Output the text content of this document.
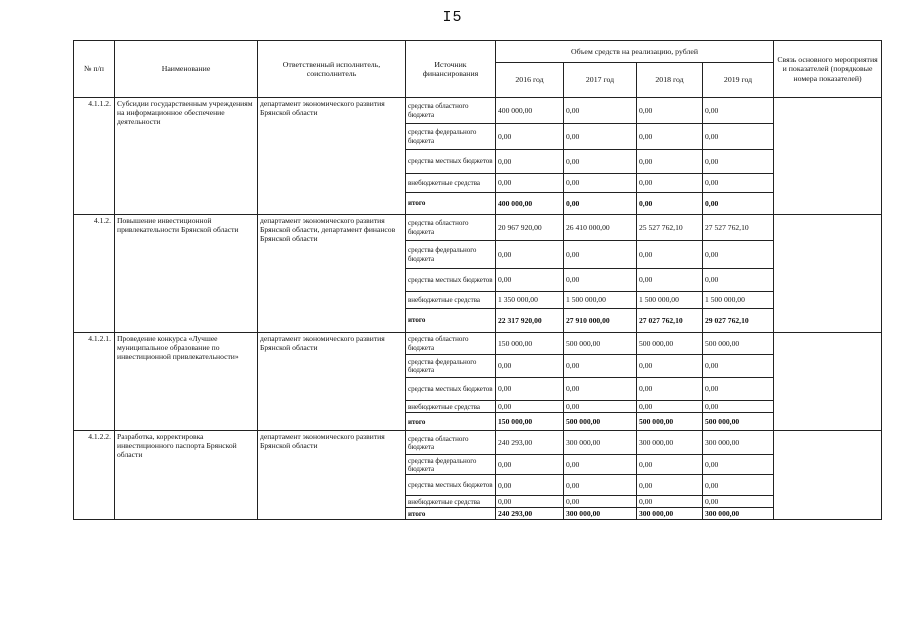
I5
№ п/п	Наименование	Ответственный исполнитель, соисполнитель	Источник финансирования	Объем средств на реализацию, рублей				Связь основного мероприятия и показателей (порядковые номера показателей)
				2016 год	2017 год	2018 год	2019 год	
4.1.1.2.	Субсидии государственным учреждениям на информационное обеспечение деятельности	департамент экономического развития Брянской области	средства областного бюджета	400 000,00	0,00	0,00	0,00	
			средства федерального бюджета	0,00	0,00	0,00	0,00	
			средства местных бюджетов	0,00	0,00	0,00	0,00	
			внебюджетные средства	0,00	0,00	0,00	0,00	
			итого	400 000,00	0,00	0,00	0,00	
4.1.2.	Повышение инвестиционной привлекательности Брянской области	департамент экономического развития Брянской области, департамент финансов Брянской области	средства областного бюджета	20 967 920,00	26 410 000,00	25 527 762,10	27 527 762,10	
			средства федерального бюджета	0,00	0,00	0,00	0,00	
			средства местных бюджетов	0,00	0,00	0,00	0,00	
			внебюджетные средства	1 350 000,00	1 500 000,00	1 500 000,00	1 500 000,00	
			итого	22 317 920,00	27 910 000,00	27 027 762,10	29 027 762,10	
4.1.2.1.	Проведение конкурса «Лучшее муниципальное образование по инвестиционной привлекательности»	департамент экономического развития Брянской области	средства областного бюджета	150 000,00	500 000,00	500 000,00	500 000,00	
			средства федерального бюджета	0,00	0,00	0,00	0,00	
			средства местных бюджетов	0,00	0,00	0,00	0,00	
			внебюджетные средства	0,00	0,00	0,00	0,00	
			итого	150 000,00	500 000,00	500 000,00	500 000,00	
4.1.2.2.	Разработка, корректировка инвестиционного паспорта Брянской области	департамент экономического развития Брянской области	средства областного бюджета	240 293,00	300 000,00	300 000,00	300 000,00	
			средства федерального бюджета	0,00	0,00	0,00	0,00	
			средства местных бюджетов	0,00	0,00	0,00	0,00	
			внебюджетные средства	0,00	0,00	0,00	0,00	
			итого	240 293,00	300 000,00	300 000,00	300 000,00	
